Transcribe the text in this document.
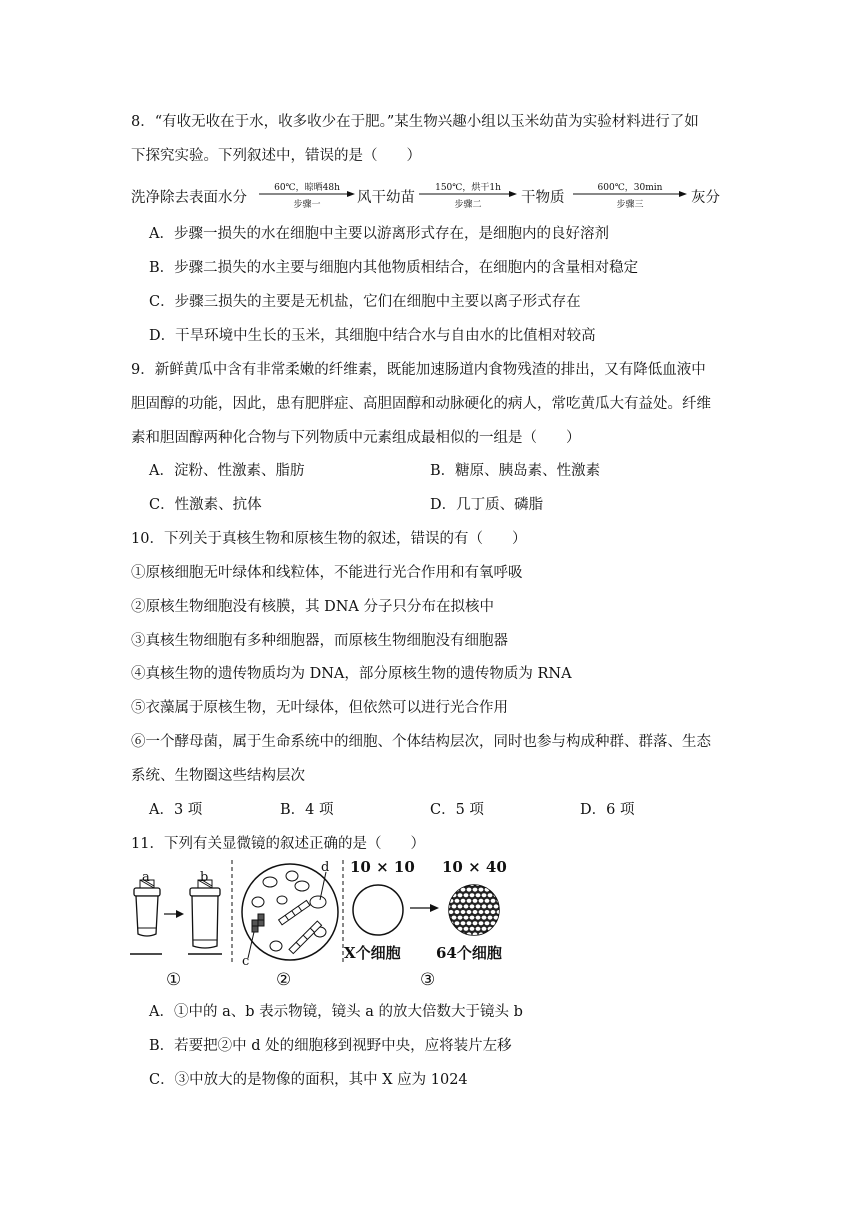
8．“有收无收在于水，收多收少在于肥。”某生物兴趣小组以玉米幼苗为实验材料进行了如
下探究实验。下列叙述中，错误的是（　　）
洗净除去表面水分
60℃，晾晒48h
步骤一	风干幼苗
150℃，烘干1h
步骤二	干物质
600℃，30min
步骤三	灰分
A．步骤一损失的水在细胞中主要以游离形式存在，是细胞内的良好溶剂
B．步骤二损失的水主要与细胞内其他物质相结合，在细胞内的含量相对稳定
C．步骤三损失的主要是无机盐，它们在细胞中主要以离子形式存在
D．干旱环境中生长的玉米，其细胞中结合水与自由水的比值相对较高
9．新鲜黄瓜中含有非常柔嫩的纤维素，既能加速肠道内食物残渣的排出，又有降低血液中
胆固醇的功能，因此，患有肥胖症、高胆固醇和动脉硬化的病人，常吃黄瓜大有益处。纤维
素和胆固醇两种化合物与下列物质中元素组成最相似的一组是（　　）
A．淀粉、性激素、脂肪	B．糖原、胰岛素、性激素
C．性激素、抗体	D．几丁质、磷脂
10．下列关于真核生物和原核生物的叙述，错误的有（　　）
①原核细胞无叶绿体和线粒体，不能进行光合作用和有氧呼吸
②原核生物细胞没有核膜，其 DNA 分子只分布在拟核中
③真核生物细胞有多种细胞器，而原核生物细胞没有细胞器
④真核生物的遗传物质均为 DNA，部分原核生物的遗传物质为 RNA
⑤衣藻属于原核生物，无叶绿体，但依然可以进行光合作用
⑥一个酵母菌，属于生命系统中的细胞、个体结构层次，同时也参与构成种群、群落、生态
系统、生物圈这些结构层次
A．3 项	B．4 项	C．5 项	D．6 项
11．下列有关显微镜的叙述正确的是（　　）
a	b
d
c
10 × 10
X个细胞
10 × 40
64个细胞
①	②	③
A．①中的 a、b 表示物镜，镜头 a 的放大倍数大于镜头 b
B．若要把②中 d 处的细胞移到视野中央，应将装片左移
C．③中放大的是物像的面积，其中 X 应为 1024
